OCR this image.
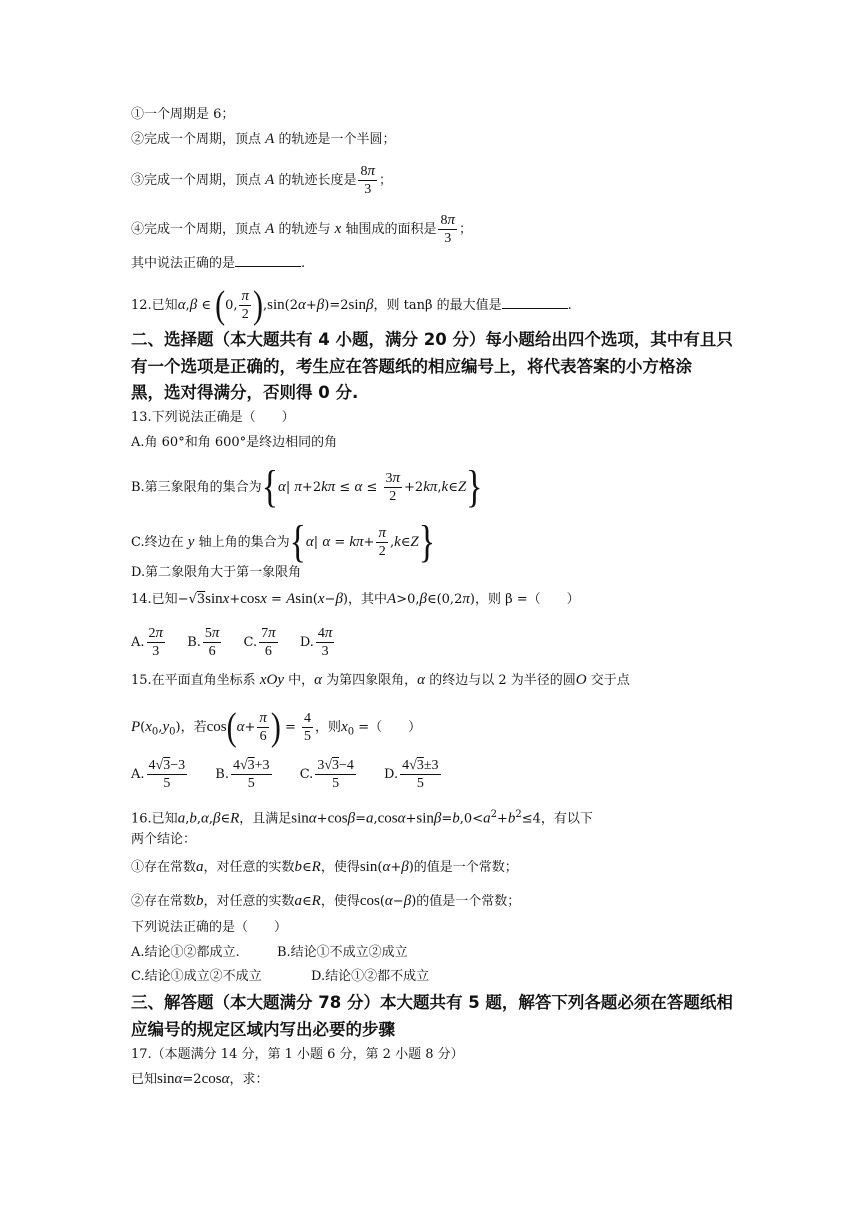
①一个周期是 6；
②完成一个周期，顶点 A 的轨迹是一个半圆；
③完成一个周期，顶点 A 的轨迹长度是 $\frac{8\pi}{3}$ ；
④完成一个周期，顶点 A 的轨迹与 x 轴围成的面积是 $\frac{8\pi}{3}$ ；
其中说法正确的是	.
12.已知α,β ∈ (0, $\frac{\pi}{2} ),\sin(2\alpha+\beta)=2\sin\beta$，则 tanβ 的最大值是	.
二、选择题（本大题共有 4 小题，满分 20 分）每小题给出四个选项，其中有且只
有一个选项是正确的，考生应在答题纸的相应编号上，将代表答案的小方格涂
黑，选对得满分，否则得 0 分.
13.下列说法正确是（　　）
A.角 60°和角 600°是终边相同的角
B.第三象限角的集合为{α| $\pi+2k\pi \le \alpha \le \frac{3\pi}{2}$ +2kπ,k∈Z}
C.终边在 y 轴上角的集合为{α| $\alpha = k\pi+ \frac{\pi}{2}$ ,k∈Z}
D.第二象限角大于第一象限角
14.已知−√3sinx+cosx = Asin(x−β)，其中A>0,β∈(0,2π)，则 β =（　　）
A. $\frac{2\pi}{3} B$. $\frac{5\pi}{6} C$. $\frac{7\pi}{6} D$. $\frac{4\pi}{3}$
15.在平面直角坐标系 xOy 中，α 为第四象限角，α 的终边与以 2 为半径的圆O 交于点
$P(x_0,y_0)$，若$\cos(\alpha+ \frac{\pi}{6}$ ) = $\frac{4}{5}$ ，则$x_0$ =（　　）
A. $\frac{4√3-3}{5} B$. $\frac{4√3+3}{5} C$. $\frac{3√3-4}{5} D$. $\frac{4√3\pm 3}{5}$
16.已知a,b,α,β∈R，且满足$\sin\alpha+\cos\beta=a,\cos\alpha+\sin\beta=b,0<a^2+b^2\le 4$，有以下
两个结论：
①存在常数a，对任意的实数b∈R，使得sin(α+β)的值是一个常数；
②存在常数b，对任意的实数a∈R，使得cos(α−β)的值是一个常数；
下列说法正确的是（　　）
A.结论①②都成立.	B.结论①不成立②成立
C.结论①成立②不成立	D.结论①②都不成立
三、解答题（本大题满分 78 分）本大题共有 5 题，解答下列各题必须在答题纸相
应编号的规定区域内写出必要的步骤
17.（本题满分 14 分，第 1 小题 6 分，第 2 小题 8 分）
已知sinα=2cosα，求：
